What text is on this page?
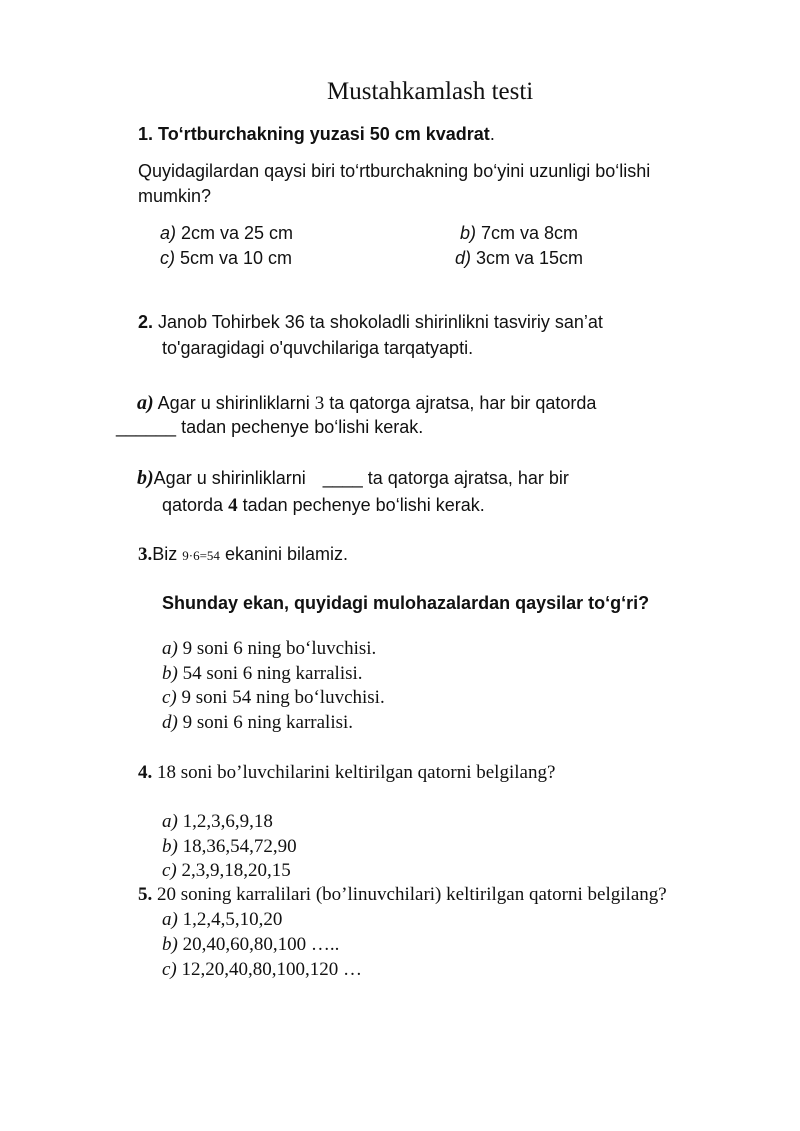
Mustahkamlash testi
1. To‘rtburchakning yuzasi 50 cm kvadrat.
Quyidagilardan qaysi biri to‘rtburchakning bo‘yini uzunligi bo‘lishi
mumkin?
a) 2cm va 25 cm	b) 7cm va 8cm
c) 5cm va 10 cm	d) 3cm va 15cm
2. Janob Tohirbek 36 ta shokoladli shirinlikni tasviriy san’at
to'garagidagi o'quvchilariga tarqatyapti.
a) Agar u shirinliklarni 3 ta qatorga ajratsa, har bir qatorda
______ tadan pechenye bo‘lishi kerak.
b)Agar u shirinliklarni ____ ta qatorga ajratsa, har bir
qatorda 4 tadan pechenye bo‘lishi kerak.
3.Biz 9·6=54 ekanini bilamiz.
Shunday ekan, quyidagi mulohazalardan qaysilar to‘g‘ri?
a) 9 soni 6 ning bo‘luvchisi.
b) 54 soni 6 ning karralisi.
c) 9 soni 54 ning bo‘luvchisi.
d) 9 soni 6 ning karralisi.
4. 18 soni bo’luvchilarini keltirilgan qatorni belgilang?
a) 1,2,3,6,9,18
b) 18,36,54,72,90
c) 2,3,9,18,20,15
5. 20 soning karralilari (bo’linuvchilari) keltirilgan qatorni belgilang?
a) 1,2,4,5,10,20
b) 20,40,60,80,100 …..
c) 12,20,40,80,100,120 …
